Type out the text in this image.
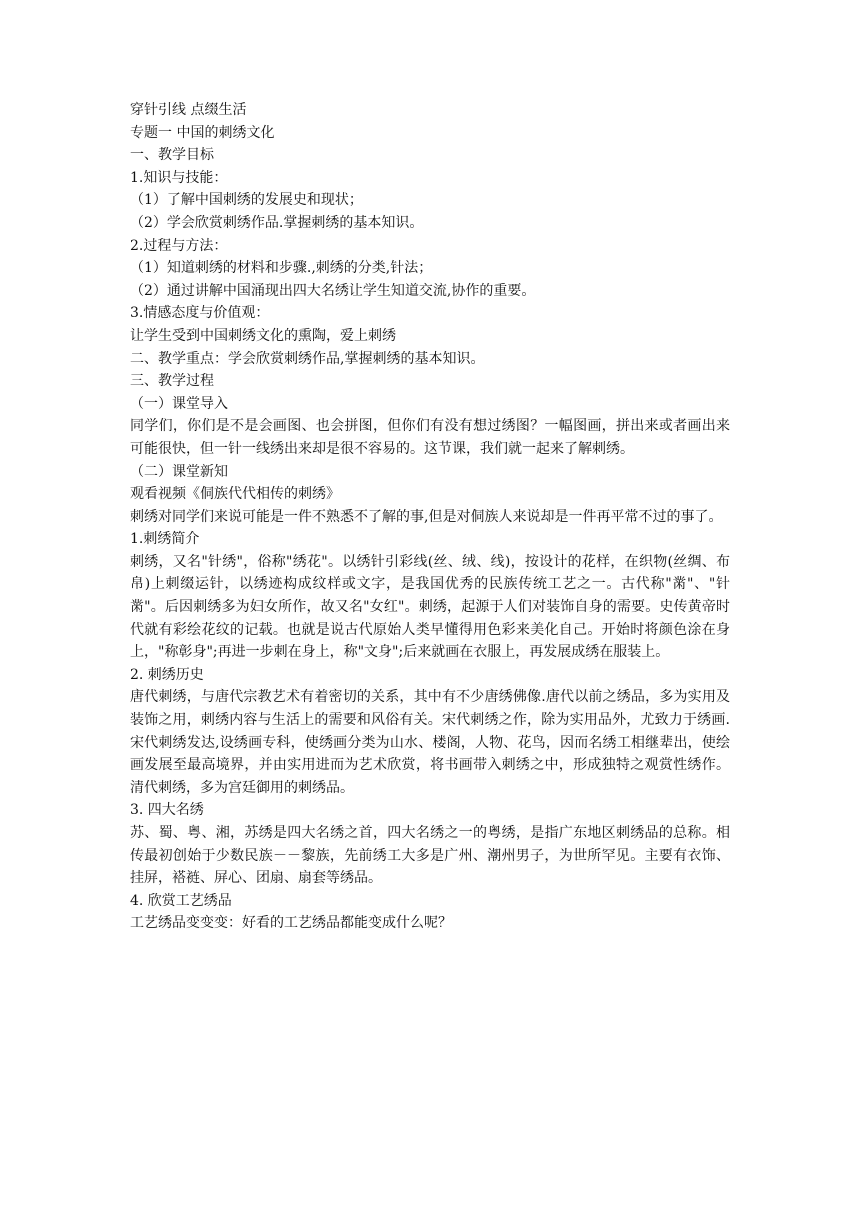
穿针引线 点缀生活

专题一 中国的刺绣文化

一、教学目标

1.知识与技能：

（1）了解中国刺绣的发展史和现状；

（2）学会欣赏刺绣作品.掌握刺绣的基本知识。

2.过程与方法：

（1）知道刺绣的材料和步骤.,刺绣的分类,针法；

（2）通过讲解中国涌现出四大名绣让学生知道交流,协作的重要。

3.情感态度与价值观：

让学生受到中国刺绣文化的熏陶，爱上刺绣

二、教学重点：学会欣赏刺绣作品,掌握刺绣的基本知识。

三、教学过程

（一）课堂导入

同学们，你们是不是会画图、也会拼图，但你们有没有想过绣图？一幅图画，拼出来或者画出来可能很快，但一针一线绣出来却是很不容易的。这节课，我们就一起来了解刺绣。

（二）课堂新知

观看视频《侗族代代相传的刺绣》

刺绣对同学们来说可能是一件不熟悉不了解的事,但是对侗族人来说却是一件再平常不过的事了。

1.刺绣简介

刺绣，又名"针绣"，俗称"绣花"。以绣针引彩线(丝、绒、线)，按设计的花样，在织物(丝绸、布帛)上刺缀运针，以绣迹构成纹样或文字，是我国优秀的民族传统工艺之一。古代称"黹"、"针黹"。后因刺绣多为妇女所作，故又名"女红"。刺绣，起源于人们对装饰自身的需要。史传黄帝时代就有彩绘花纹的记载。也就是说古代原始人类早懂得用色彩来美化自己。开始时将颜色涂在身上，"称彰身";再进一步刺在身上，称"文身";后来就画在衣服上，再发展成绣在服装上。

2. 刺绣历史

唐代刺绣，与唐代宗教艺术有着密切的关系，其中有不少唐绣佛像.唐代以前之绣品，多为实用及装饰之用，刺绣内容与生活上的需要和风俗有关。宋代刺绣之作，除为实用品外，尤致力于绣画.宋代刺绣发达,设绣画专科，使绣画分类为山水、楼阁，人物、花鸟，因而名绣工相继辈出，使绘画发展至最高境界，并由实用进而为艺术欣赏，将书画带入刺绣之中，形成独特之观赏性绣作。清代刺绣，多为宫廷御用的刺绣品。

3. 四大名绣

苏、蜀、粤、湘，苏绣是四大名绣之首，四大名绣之一的粤绣，是指广东地区刺绣品的总称。相传最初创始于少数民族－－黎族，先前绣工大多是广州、潮州男子，为世所罕见。主要有衣饰、挂屏，褡裢、屏心、团扇、扇套等绣品。

4. 欣赏工艺绣品

工艺绣品变变变：好看的工艺绣品都能变成什么呢？
